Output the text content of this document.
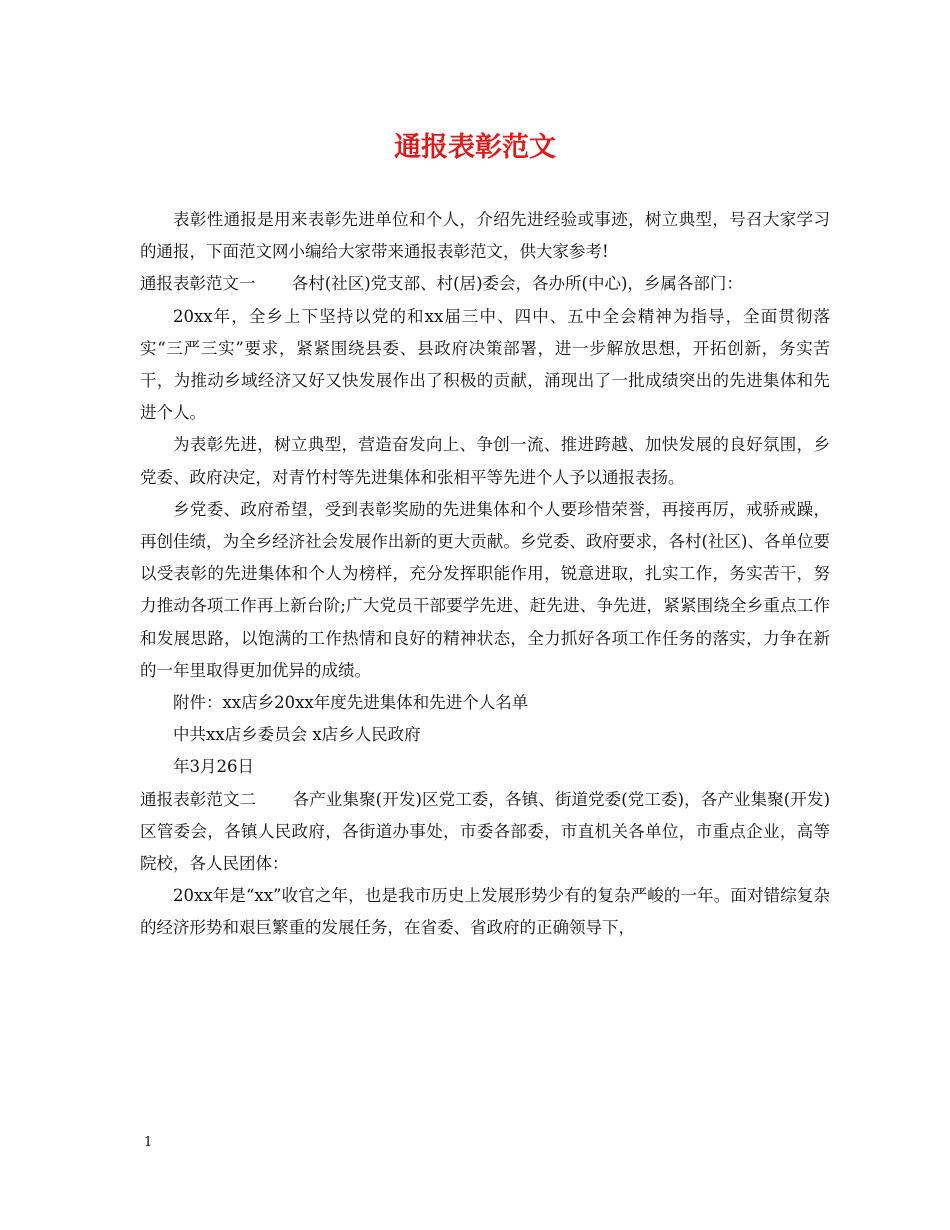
通报表彰范文

表彰性通报是用来表彰先进单位和个人，介绍先进经验或事迹，树立典型，号召大家学习的通报，下面范文网小编给大家带来通报表彰范文，供大家参考!

通报表彰范文一 各村(社区)党支部、村(居)委会，各办所(中心)，乡属各部门：

20xx年，全乡上下坚持以党的和xx届三中、四中、五中全会精神为指导，全面贯彻落实“三严三实”要求，紧紧围绕县委、县政府决策部署，进一步解放思想，开拓创新，务实苦干，为推动乡域经济又好又快发展作出了积极的贡献，涌现出了一批成绩突出的先进集体和先进个人。

为表彰先进，树立典型，营造奋发向上、争创一流、推进跨越、加快发展的良好氛围，乡党委、政府决定，对青竹村等先进集体和张相平等先进个人予以通报表扬。

乡党委、政府希望，受到表彰奖励的先进集体和个人要珍惜荣誉，再接再厉，戒骄戒躁，再创佳绩，为全乡经济社会发展作出新的更大贡献。乡党委、政府要求，各村(社区)、各单位要以受表彰的先进集体和个人为榜样，充分发挥职能作用，锐意进取，扎实工作，务实苦干，努力推动各项工作再上新台阶;广大党员干部要学先进、赶先进、争先进，紧紧围绕全乡重点工作和发展思路，以饱满的工作热情和良好的精神状态，全力抓好各项工作任务的落实，力争在新的一年里取得更加优异的成绩。

附件：xx店乡20xx年度先进集体和先进个人名单

中共xx店乡委员会 x店乡人民政府

年3月26日

通报表彰范文二 各产业集聚(开发)区党工委，各镇、街道党委(党工委)，各产业集聚(开发)区管委会，各镇人民政府，各街道办事处，市委各部委，市直机关各单位，市重点企业，高等院校，各人民团体：

20xx年是“xx”收官之年，也是我市历史上发展形势少有的复杂严峻的一年。面对错综复杂的经济形势和艰巨繁重的发展任务，在省委、省政府的正确领导下，

1
